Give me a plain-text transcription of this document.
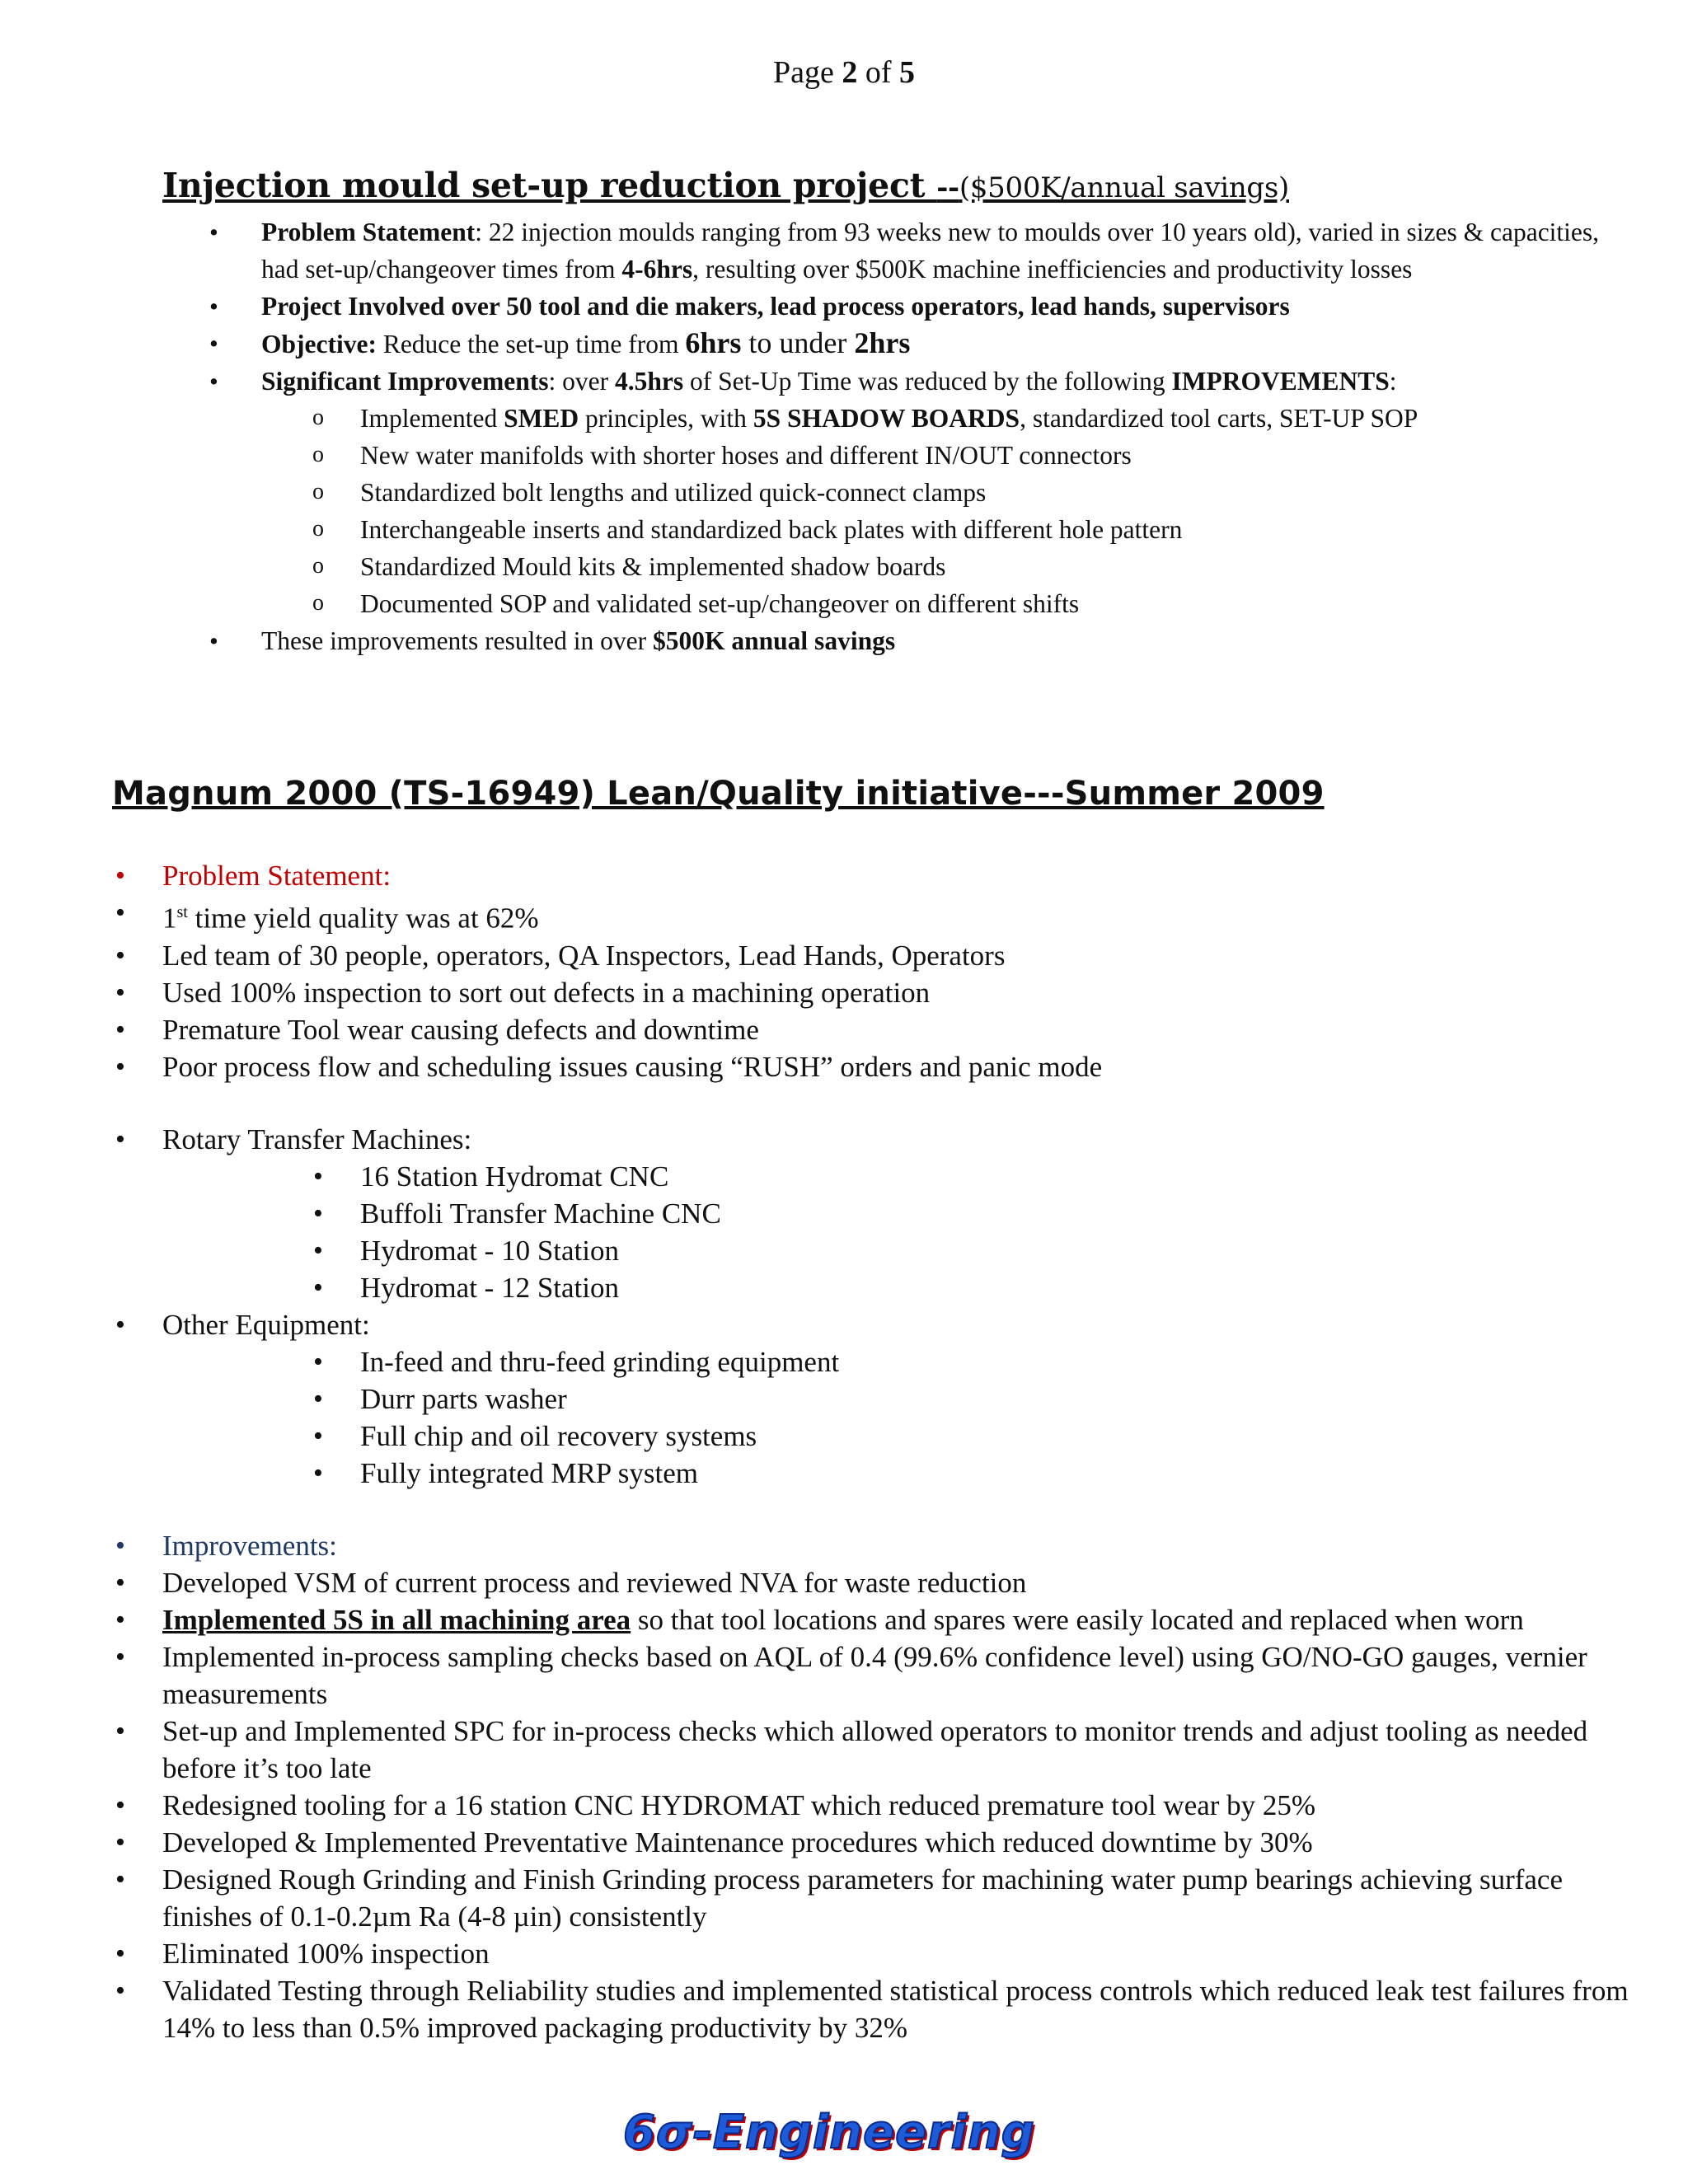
Page 2 of 5
Injection mould set-up reduction project --($500K/annual savings)
• Problem Statement: 22 injection moulds ranging from 93 weeks new to moulds over 10 years old), varied in sizes & capacities, had set-up/changeover times from 4-6hrs, resulting over $500K machine inefficiencies and productivity losses
• Project Involved over 50 tool and die makers, lead process operators, lead hands, supervisors
• Objective: Reduce the set-up time from 6hrs to under 2hrs
• Significant Improvements: over 4.5hrs of Set-Up Time was reduced by the following IMPROVEMENTS:
o Implemented SMED principles, with 5S SHADOW BOARDS, standardized tool carts, SET-UP SOP
o New water manifolds with shorter hoses and different IN/OUT connectors
o Standardized bolt lengths and utilized quick-connect clamps
o Interchangeable inserts and standardized back plates with different hole pattern
o Standardized Mould kits & implemented shadow boards
o Documented SOP and validated set-up/changeover on different shifts
• These improvements resulted in over $500K annual savings
Magnum 2000 (TS-16949) Lean/Quality initiative---Summer 2009
• Problem Statement:
• 1st time yield quality was at 62%
• Led team of 30 people, operators, QA Inspectors, Lead Hands, Operators
• Used 100% inspection to sort out defects in a machining operation
• Premature Tool wear causing defects and downtime
• Poor process flow and scheduling issues causing “RUSH” orders and panic mode
• Rotary Transfer Machines:
• 16 Station Hydromat CNC
• Buffoli Transfer Machine CNC
• Hydromat - 10 Station
• Hydromat - 12 Station
• Other Equipment:
• In-feed and thru-feed grinding equipment
• Durr parts washer
• Full chip and oil recovery systems
• Fully integrated MRP system
• Improvements:
• Developed VSM of current process and reviewed NVA for waste reduction
• Implemented 5S in all machining area so that tool locations and spares were easily located and replaced when worn
• Implemented in-process sampling checks based on AQL of 0.4 (99.6% confidence level) using GO/NO-GO gauges, vernier measurements
• Set-up and Implemented SPC for in-process checks which allowed operators to monitor trends and adjust tooling as needed before it’s too late
• Redesigned tooling for a 16 station CNC HYDROMAT which reduced premature tool wear by 25%
• Developed & Implemented Preventative Maintenance procedures which reduced downtime by 30%
• Designed Rough Grinding and Finish Grinding process parameters for machining water pump bearings achieving surface finishes of 0.1-0.2µm Ra (4-8 µin) consistently
• Eliminated 100% inspection
• Validated Testing through Reliability studies and implemented statistical process controls which reduced leak test failures from 14% to less than 0.5% improved packaging productivity by 32%
6σ-Engineering
